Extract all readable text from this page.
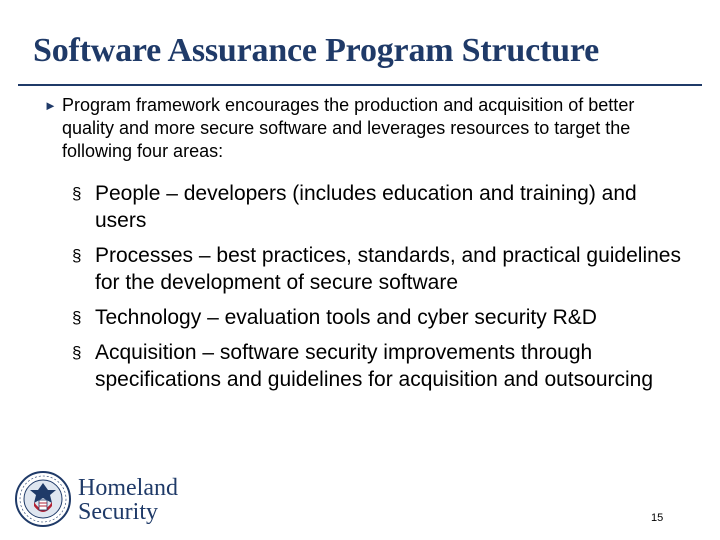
Software Assurance Program Structure
► Program framework encourages the production and acquisition of better quality and more secure software and leverages resources to target the following four areas:
§ People – developers (includes education and training) and users
§ Processes – best practices, standards, and practical guidelines for the development of secure software
§ Technology – evaluation tools and cyber security R&D
§ Acquisition – software security improvements through specifications and guidelines for acquisition and outsourcing
Homeland
Security	15
